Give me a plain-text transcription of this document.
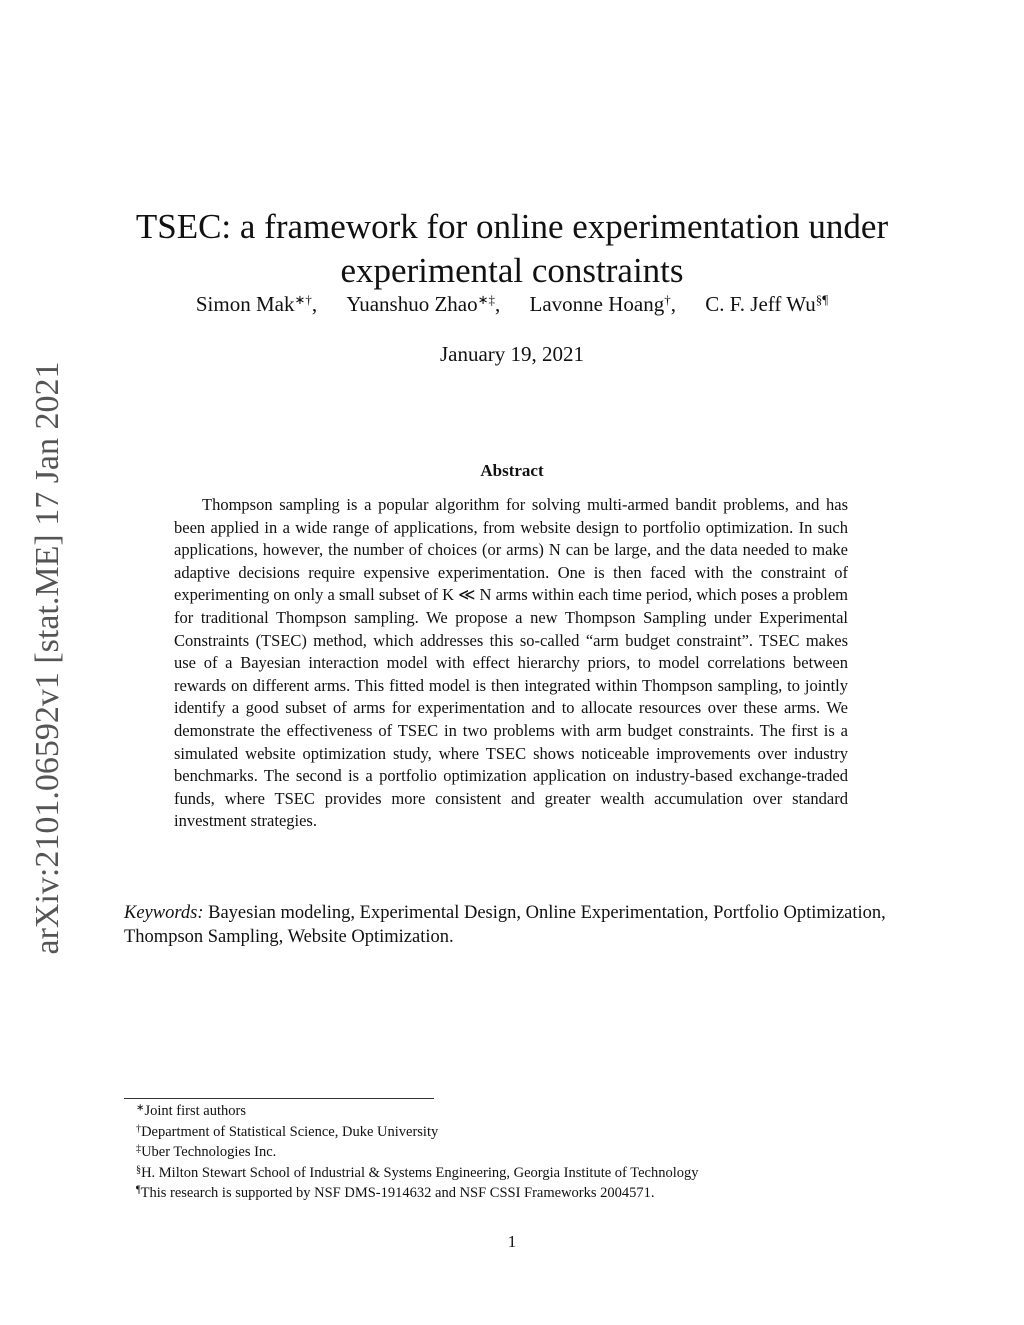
arXiv:2101.06592v1 [stat.ME] 17 Jan 2021
TSEC: a framework for online experimentation under
experimental constraints
Simon Mak∗†, Yuanshuo Zhao∗‡, Lavonne Hoang†, C. F. Jeff Wu§¶
January 19, 2021
Abstract

Thompson sampling is a popular algorithm for solving multi-armed bandit problems, and has been applied in a wide range of applications, from website design to portfolio optimization. In such applications, however, the number of choices (or arms) N can be large, and the data needed to make adaptive decisions require expensive experimentation. One is then faced with the constraint of experimenting on only a small subset of K ≪ N arms within each time period, which poses a problem for traditional Thompson sampling. We propose a new Thompson Sampling under Experimental Constraints (TSEC) method, which addresses this so-called “arm budget constraint”. TSEC makes use of a Bayesian interaction model with effect hierarchy priors, to model correlations between rewards on different arms. This fitted model is then integrated within Thompson sampling, to jointly identify a good subset of arms for experimentation and to allocate resources over these arms. We demonstrate the effectiveness of TSEC in two problems with arm budget constraints. The first is a simulated website optimization study, where TSEC shows noticeable improvements over industry benchmarks. The second is a portfolio optimization application on industry-based exchange-traded funds, where TSEC provides more consistent and greater wealth accumulation over standard investment strategies.

Keywords: Bayesian modeling, Experimental Design, Online Experimentation, Portfolio Optimization, Thompson Sampling, Website Optimization.

∗Joint first authors
†Department of Statistical Science, Duke University
‡Uber Technologies Inc.
§H. Milton Stewart School of Industrial & Systems Engineering, Georgia Institute of Technology
¶This research is supported by NSF DMS-1914632 and NSF CSSI Frameworks 2004571.
1
